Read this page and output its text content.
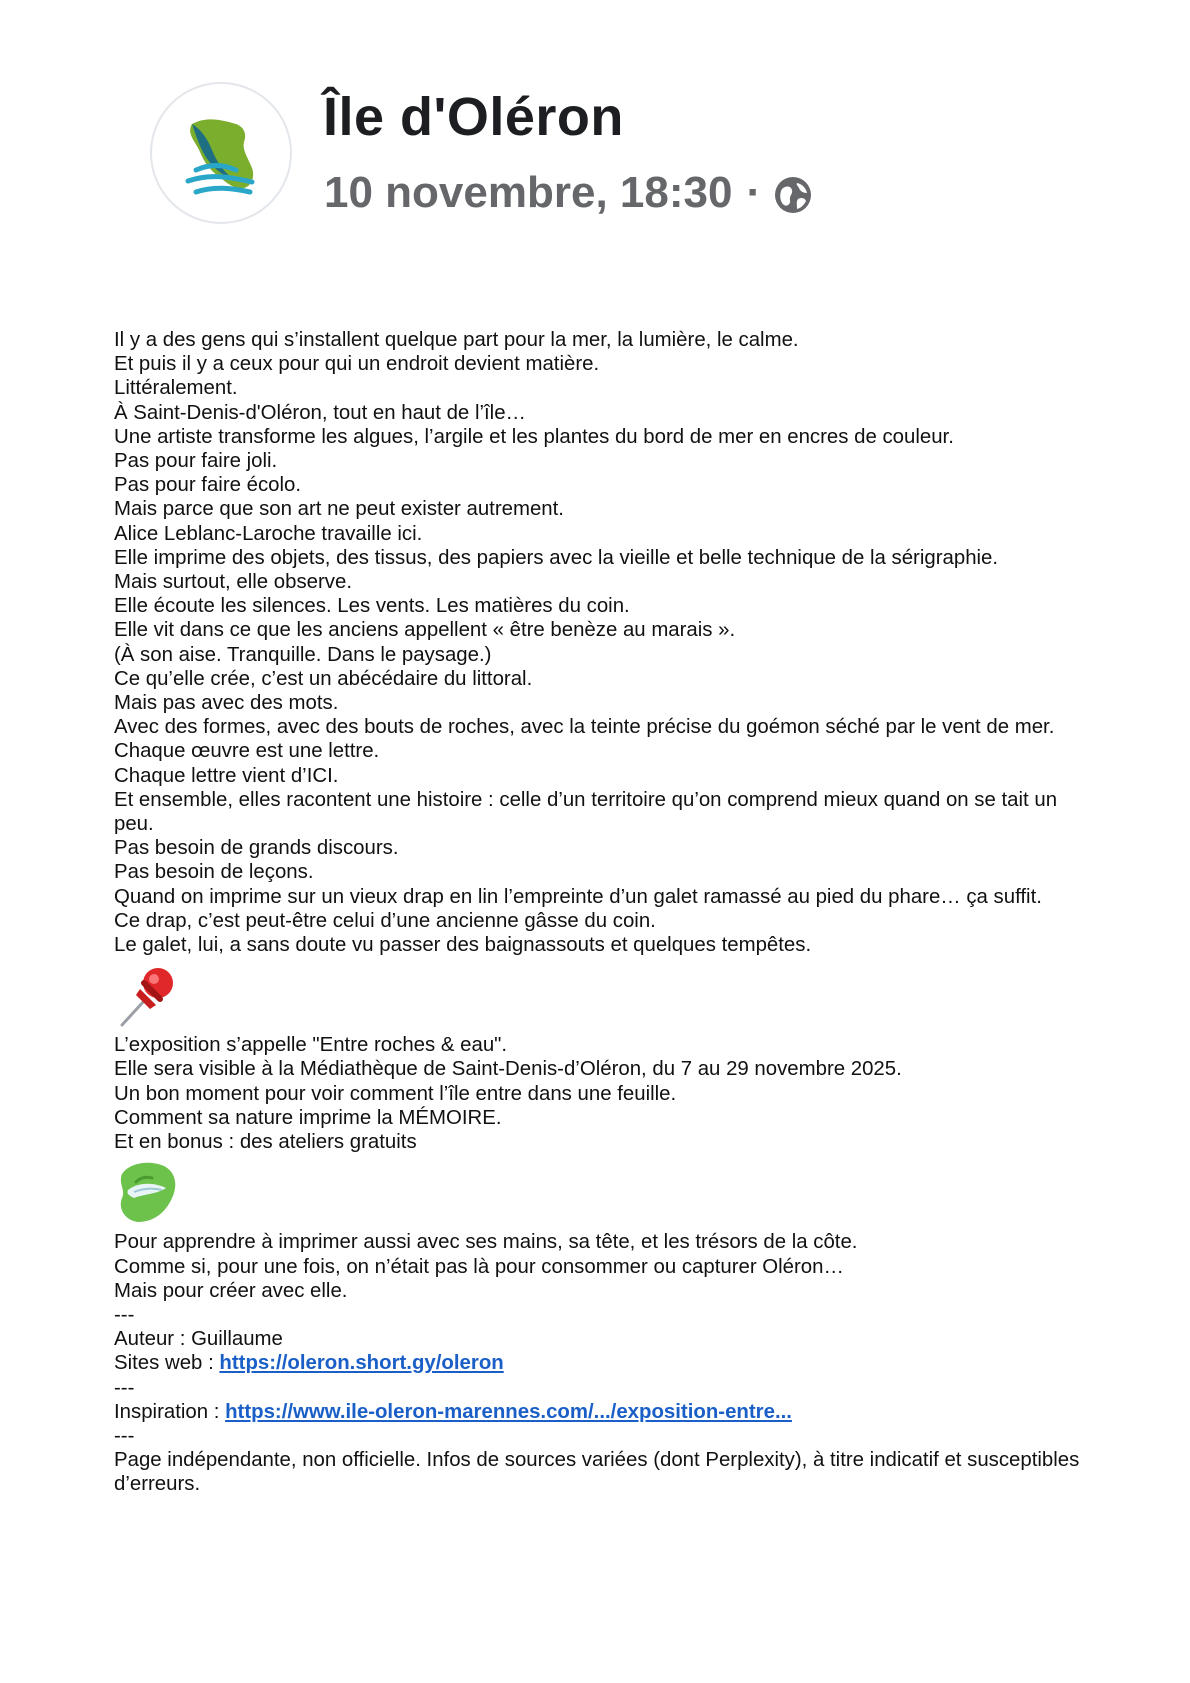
Île d'Oléron
10 novembre, 18:30 ·
Il y a des gens qui s’installent quelque part pour la mer, la lumière, le calme.
Et puis il y a ceux pour qui un endroit devient matière.
Littéralement.
À Saint-Denis-d'Oléron, tout en haut de l’île…
Une artiste transforme les algues, l’argile et les plantes du bord de mer en encres de couleur.
Pas pour faire joli.
Pas pour faire écolo.
Mais parce que son art ne peut exister autrement.
Alice Leblanc-Laroche travaille ici.
Elle imprime des objets, des tissus, des papiers avec la vieille et belle technique de la sérigraphie.
Mais surtout, elle observe.
Elle écoute les silences. Les vents. Les matières du coin.
Elle vit dans ce que les anciens appellent « être benèze au marais ».
(À son aise. Tranquille. Dans le paysage.)
Ce qu’elle crée, c’est un abécédaire du littoral.
Mais pas avec des mots.
Avec des formes, avec des bouts de roches, avec la teinte précise du goémon séché par le vent de mer.
Chaque œuvre est une lettre.
Chaque lettre vient d’ICI.
Et ensemble, elles racontent une histoire : celle d’un territoire qu’on comprend mieux quand on se tait un peu.
Pas besoin de grands discours.
Pas besoin de leçons.
Quand on imprime sur un vieux drap en lin l’empreinte d’un galet ramassé au pied du phare… ça suffit.
Ce drap, c’est peut-être celui d’une ancienne gâsse du coin.
Le galet, lui, a sans doute vu passer des baignassouts et quelques tempêtes.
L’exposition s’appelle "Entre roches & eau".
Elle sera visible à la Médiathèque de Saint-Denis-d’Oléron, du 7 au 29 novembre 2025.
Un bon moment pour voir comment l’île entre dans une feuille.
Comment sa nature imprime la MÉMOIRE.
Et en bonus : des ateliers gratuits
Pour apprendre à imprimer aussi avec ses mains, sa tête, et les trésors de la côte.
Comme si, pour une fois, on n’était pas là pour consommer ou capturer Oléron…
Mais pour créer avec elle.
---
Auteur : Guillaume
Sites web : https://oleron.short.gy/oleron
---
Inspiration : https://www.ile-oleron-marennes.com/.../exposition-entre...
---
Page indépendante, non officielle. Infos de sources variées (dont Perplexity), à titre indicatif et susceptibles d’erreurs.
